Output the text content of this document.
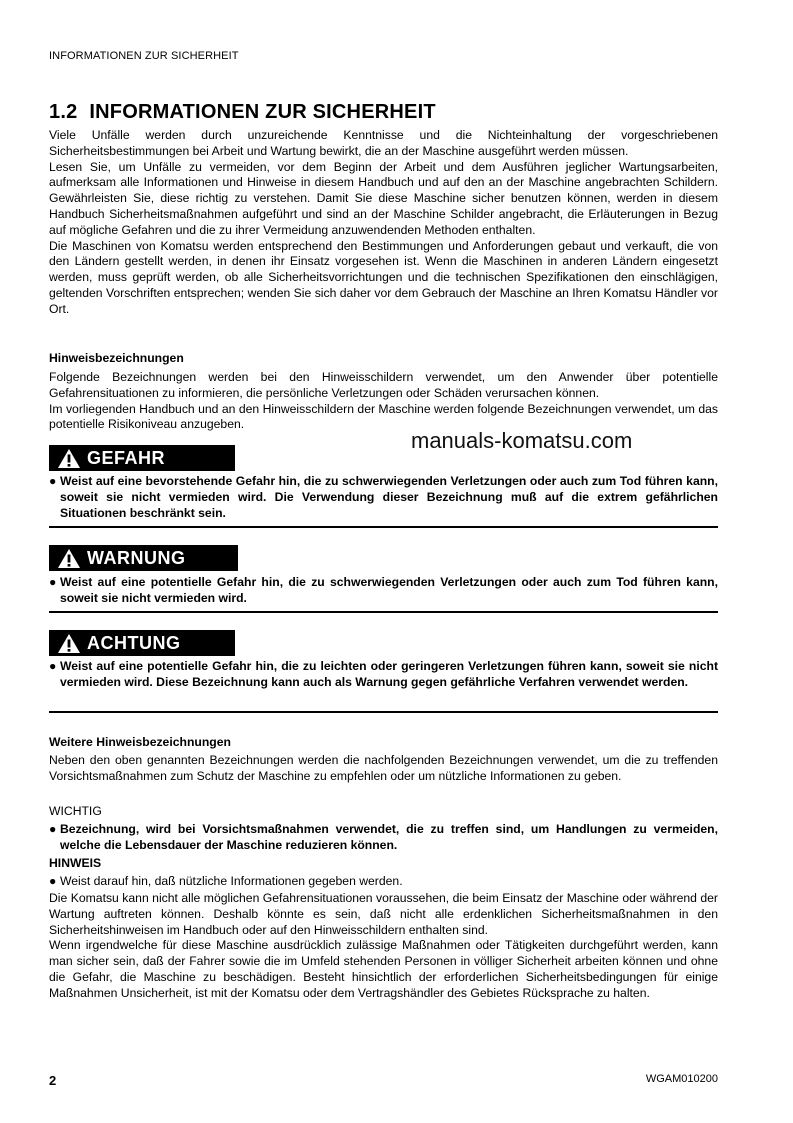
INFORMATIONEN ZUR SICHERHEIT
1.2 INFORMATIONEN ZUR SICHERHEIT

Viele Unfälle werden durch unzureichende Kenntnisse und die Nichteinhaltung der vorgeschriebenen Sicherheitsbestimmungen bei Arbeit und Wartung bewirkt, die an der Maschine ausgeführt werden müssen.

Lesen Sie, um Unfälle zu vermeiden, vor dem Beginn der Arbeit und dem Ausführen jeglicher Wartungsarbeiten, aufmerksam alle Informationen und Hinweise in diesem Handbuch und auf den an der Maschine angebrachten Schildern. Gewährleisten Sie, diese richtig zu verstehen. Damit Sie diese Maschine sicher benutzen können, werden in diesem Handbuch Sicherheitsmaßnahmen aufgeführt und sind an der Maschine Schilder angebracht, die Erläuterungen in Bezug auf mögliche Gefahren und die zu ihrer Vermeidung anzuwendenden Methoden enthalten.

Die Maschinen von Komatsu werden entsprechend den Bestimmungen und Anforderungen gebaut und verkauft, die von den Ländern gestellt werden, in denen ihr Einsatz vorgesehen ist. Wenn die Maschinen in anderen Ländern eingesetzt werden, muss geprüft werden, ob alle Sicherheitsvorrichtungen und die technischen Spezifikationen den einschlägigen, geltenden Vorschriften entsprechen; wenden Sie sich daher vor dem Gebrauch der Maschine an Ihren Komatsu Händler vor Ort.

Hinweisbezeichnungen

Folgende Bezeichnungen werden bei den Hinweisschildern verwendet, um den Anwender über potentielle Gefahrensituationen zu informieren, die persönliche Verletzungen oder Schäden verursachen können.

Im vorliegenden Handbuch und an den Hinweisschildern der Maschine werden folgende Bezeichnungen verwendet, um das potentielle Risikoniveau anzugeben.

manuals-komatsu.com
GEFAHR
● Weist auf eine bevorstehende Gefahr hin, die zu schwerwiegenden Verletzungen oder auch zum Tod führen kann, soweit sie nicht vermieden wird. Die Verwendung dieser Bezeichnung muß auf die extrem gefährlichen Situationen beschränkt sein.
WARNUNG
● Weist auf eine potentielle Gefahr hin, die zu schwerwiegenden Verletzungen oder auch zum Tod führen kann, soweit sie nicht vermieden wird.
ACHTUNG
● Weist auf eine potentielle Gefahr hin, die zu leichten oder geringeren Verletzungen führen kann, soweit sie nicht vermieden wird. Diese Bezeichnung kann auch als Warnung gegen gefährliche Verfahren verwendet werden.
Weitere Hinweisbezeichnungen

Neben den oben genannten Bezeichnungen werden die nachfolgenden Bezeichnungen verwendet, um die zu treffenden Vorsichtsmaßnahmen zum Schutz der Maschine zu empfehlen oder um nützliche Informationen zu geben.

WICHTIG
● Bezeichnung, wird bei Vorsichtsmaßnahmen verwendet, die zu treffen sind, um Handlungen zu vermeiden, welche die Lebensdauer der Maschine reduzieren können.
HINWEIS
● Weist darauf hin, daß nützliche Informationen gegeben werden.

Die Komatsu kann nicht alle möglichen Gefahrensituationen voraussehen, die beim Einsatz der Maschine oder während der Wartung auftreten können. Deshalb könnte es sein, daß nicht alle erdenklichen Sicherheitsmaßnahmen in den Sicherheitshinweisen im Handbuch oder auf den Hinweisschildern enthalten sind.

Wenn irgendwelche für diese Maschine ausdrücklich zulässige Maßnahmen oder Tätigkeiten durchgeführt werden, kann man sicher sein, daß der Fahrer sowie die im Umfeld stehenden Personen in völliger Sicherheit arbeiten können und ohne die Gefahr, die Maschine zu beschädigen. Besteht hinsichtlich der erforderlichen Sicherheitsbedingungen für einige Maßnahmen Unsicherheit, ist mit der Komatsu oder dem Vertragshändler des Gebietes Rücksprache zu halten.

2	WGAM010200
